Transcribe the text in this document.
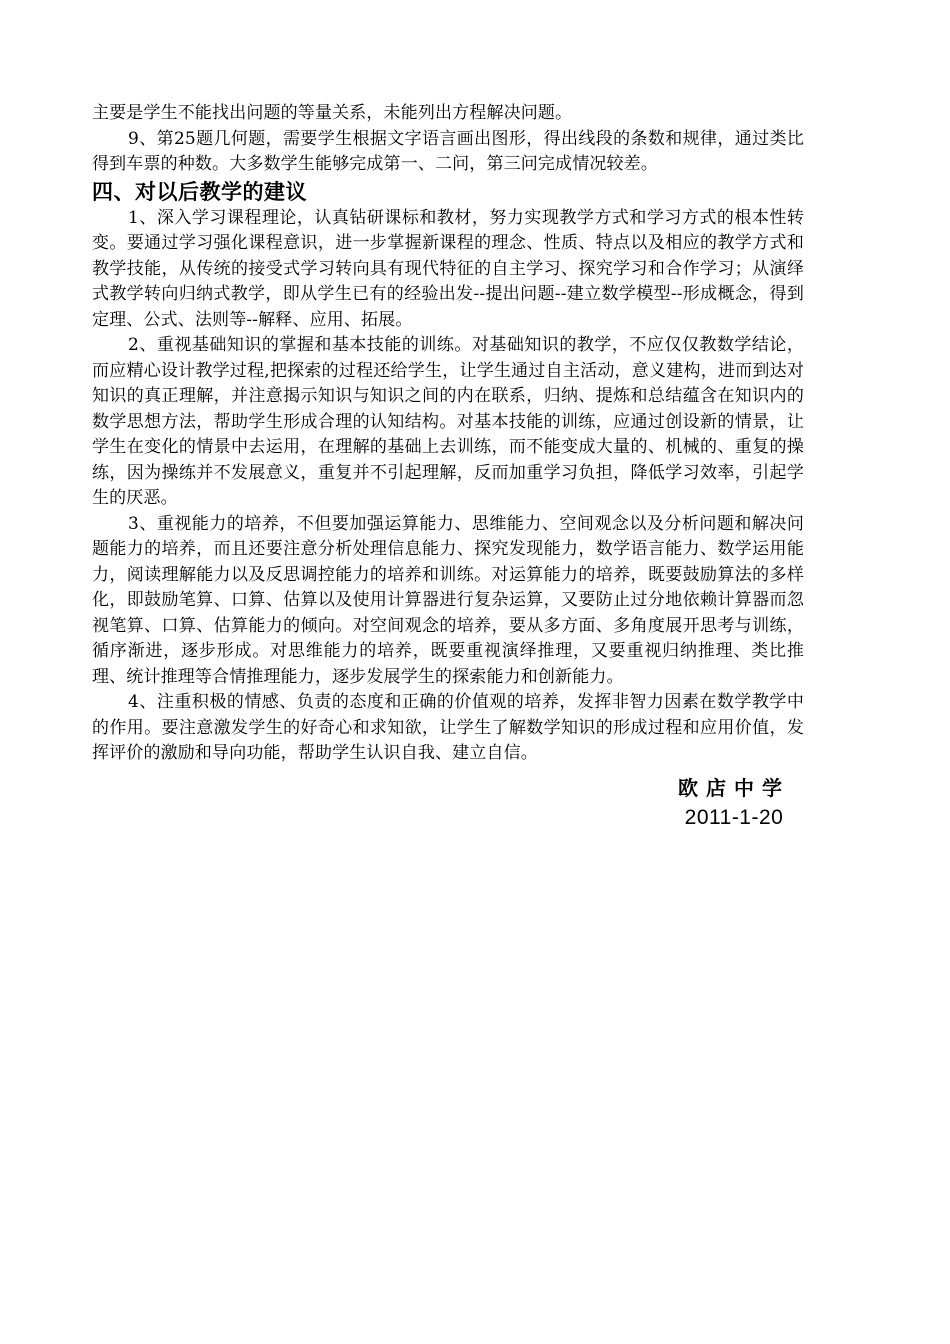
主要是学生不能找出问题的等量关系，未能列出方程解决问题。

9、第25题几何题，需要学生根据文字语言画出图形，得出线段的条数和规律，通过类比得到车票的种数。大多数学生能够完成第一、二问，第三问完成情况较差。

四、对以后教学的建议

1、深入学习课程理论，认真钻研课标和教材，努力实现教学方式和学习方式的根本性转变。要通过学习强化课程意识，进一步掌握新课程的理念、性质、特点以及相应的教学方式和教学技能，从传统的接受式学习转向具有现代特征的自主学习、探究学习和合作学习；从演绎式教学转向归纳式教学，即从学生已有的经验出发--提出问题--建立数学模型--形成概念，得到定理、公式、法则等--解释、应用、拓展。

2、重视基础知识的掌握和基本技能的训练。对基础知识的教学，不应仅仅教数学结论，而应精心设计教学过程,把探索的过程还给学生，让学生通过自主活动，意义建构，进而到达对知识的真正理解，并注意揭示知识与知识之间的内在联系，归纳、提炼和总结蕴含在知识内的数学思想方法，帮助学生形成合理的认知结构。对基本技能的训练，应通过创设新的情景，让学生在变化的情景中去运用，在理解的基础上去训练，而不能变成大量的、机械的、重复的操练，因为操练并不发展意义，重复并不引起理解，反而加重学习负担，降低学习效率，引起学生的厌恶。

3、重视能力的培养，不但要加强运算能力、思维能力、空间观念以及分析问题和解决问题能力的培养，而且还要注意分析处理信息能力、探究发现能力，数学语言能力、数学运用能力，阅读理解能力以及反思调控能力的培养和训练。对运算能力的培养，既要鼓励算法的多样化，即鼓励笔算、口算、估算以及使用计算器进行复杂运算，又要防止过分地依赖计算器而忽视笔算、口算、估算能力的倾向。对空间观念的培养，要从多方面、多角度展开思考与训练，循序渐进，逐步形成。对思维能力的培养，既要重视演绎推理，又要重视归纳推理、类比推理、统计推理等合情推理能力，逐步发展学生的探索能力和创新能力。

4、注重积极的情感、负责的态度和正确的价值观的培养，发挥非智力因素在数学教学中的作用。要注意激发学生的好奇心和求知欲，让学生了解数学知识的形成过程和应用价值，发挥评价的激励和导向功能，帮助学生认识自我、建立自信。

欧店中学
2011-1-20
